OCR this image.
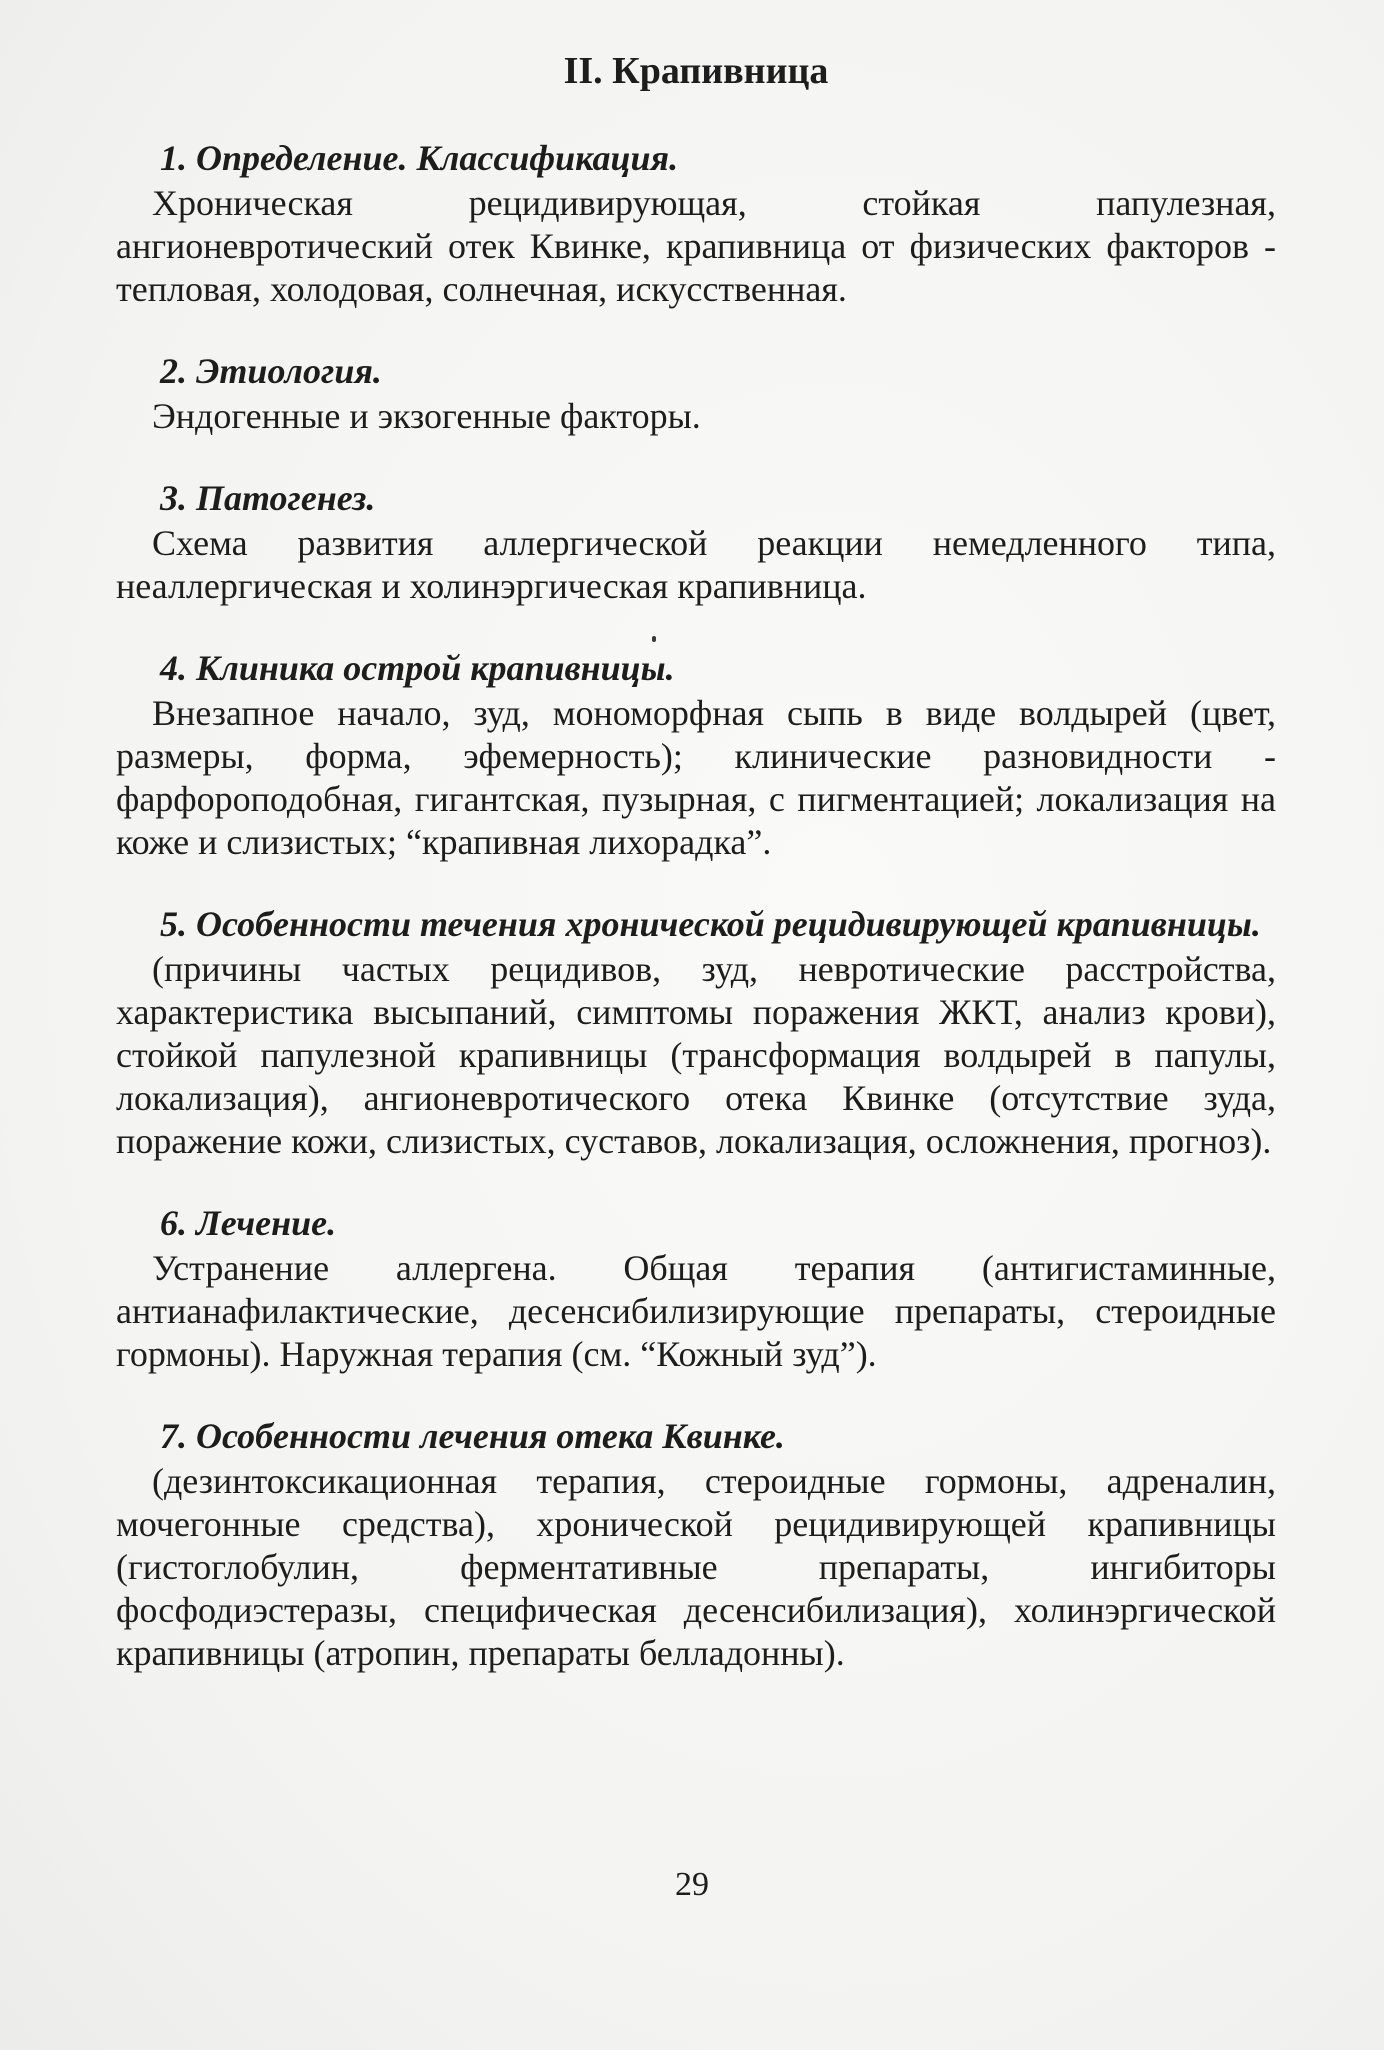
II. Крапивница
1. Определение. Классификация.

Хроническая рецидивирующая, стойкая папулезная, ангионевротический отек Квинке, крапивница от физических факторов - тепловая, холодовая, солнечная, искусственная.

2. Этиология.

Эндогенные и экзогенные факторы.

3. Патогенез.

Схема развития аллергической реакции немедленного типа, неаллергическая и холинэргическая крапивница.

4. Клиника острой крапивницы.

Внезапное начало, зуд, мономорфная сыпь в виде волдырей (цвет, размеры, форма, эфемерность); клинические разновидности - фарфороподобная, гигантская, пузырная, с пигментацией; локализация на коже и слизистых; “крапивная лихорадка”.

5. Особенности течения хронической рецидивирующей крапивницы.

(причины частых рецидивов, зуд, невротические расстройства, характеристика высыпаний, симптомы поражения ЖКТ, анализ крови), стойкой папулезной крапивницы (трансформация волдырей в папулы, локализация), ангионевротического отека Квинке (отсутствие зуда, поражение кожи, слизистых, суставов, локализация, осложнения, прогноз).

6. Лечение.

Устранение аллергена. Общая терапия (антигистаминные, антианафилактические, десенсибилизирующие препараты, стероидные гормоны). Наружная терапия (см. “Кожный зуд”).

7. Особенности лечения отека Квинке.

(дезинтоксикационная терапия, стероидные гормоны, адреналин, мочегонные средства), хронической рецидивирующей крапивницы (гистоглобулин, ферментативные препараты, ингибиторы фосфодиэстеразы, специфическая десенсибилизация), холинэргической крапивницы (атропин, препараты белладонны).

29
